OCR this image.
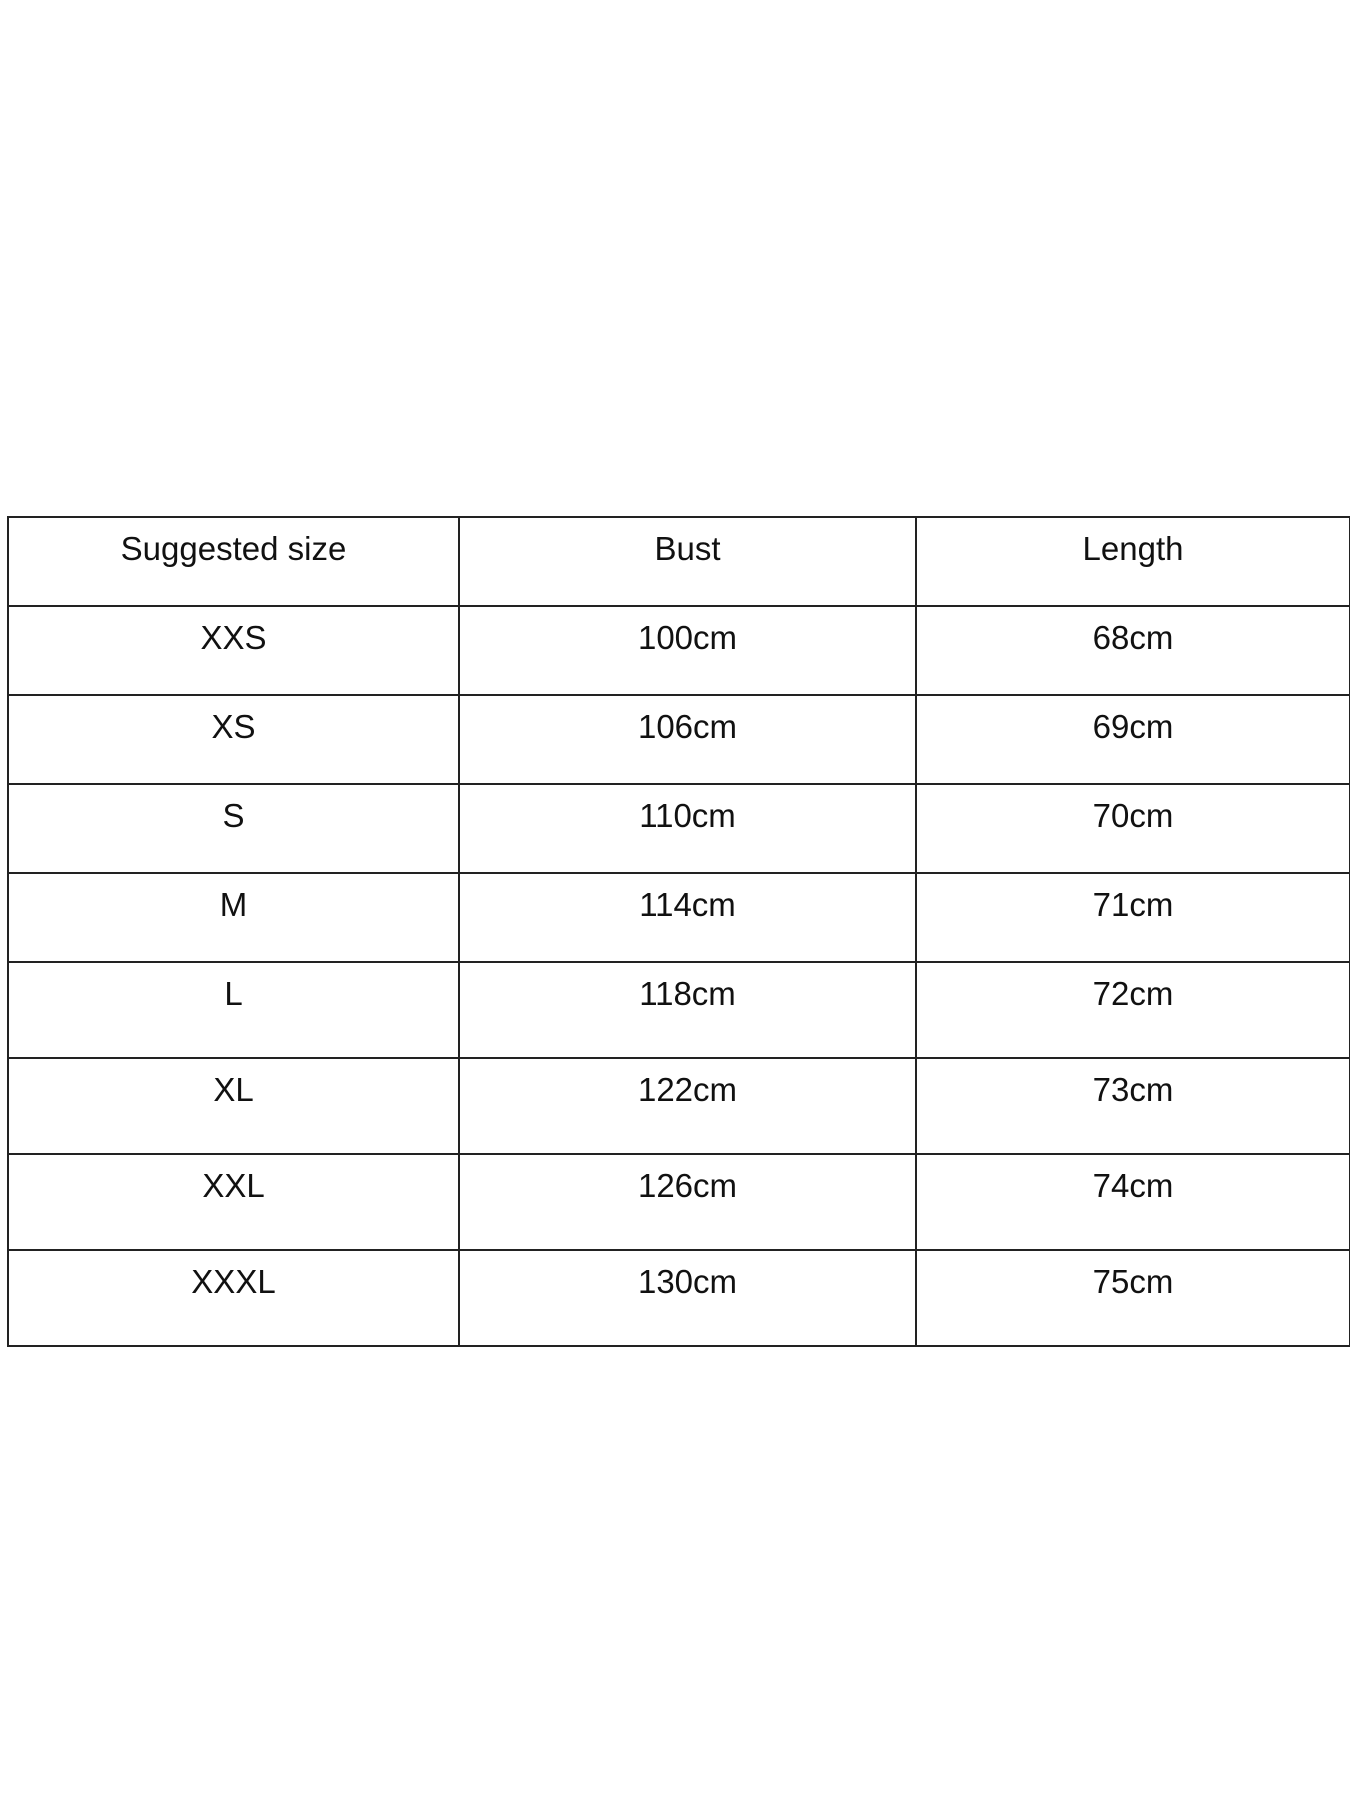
Suggested size	Bust	Length
XXS	100cm	68cm
XS	106cm	69cm
S	110cm	70cm
M	114cm	71cm
L	118cm	72cm
XL	122cm	73cm
XXL	126cm	74cm
XXXL	130cm	75cm
